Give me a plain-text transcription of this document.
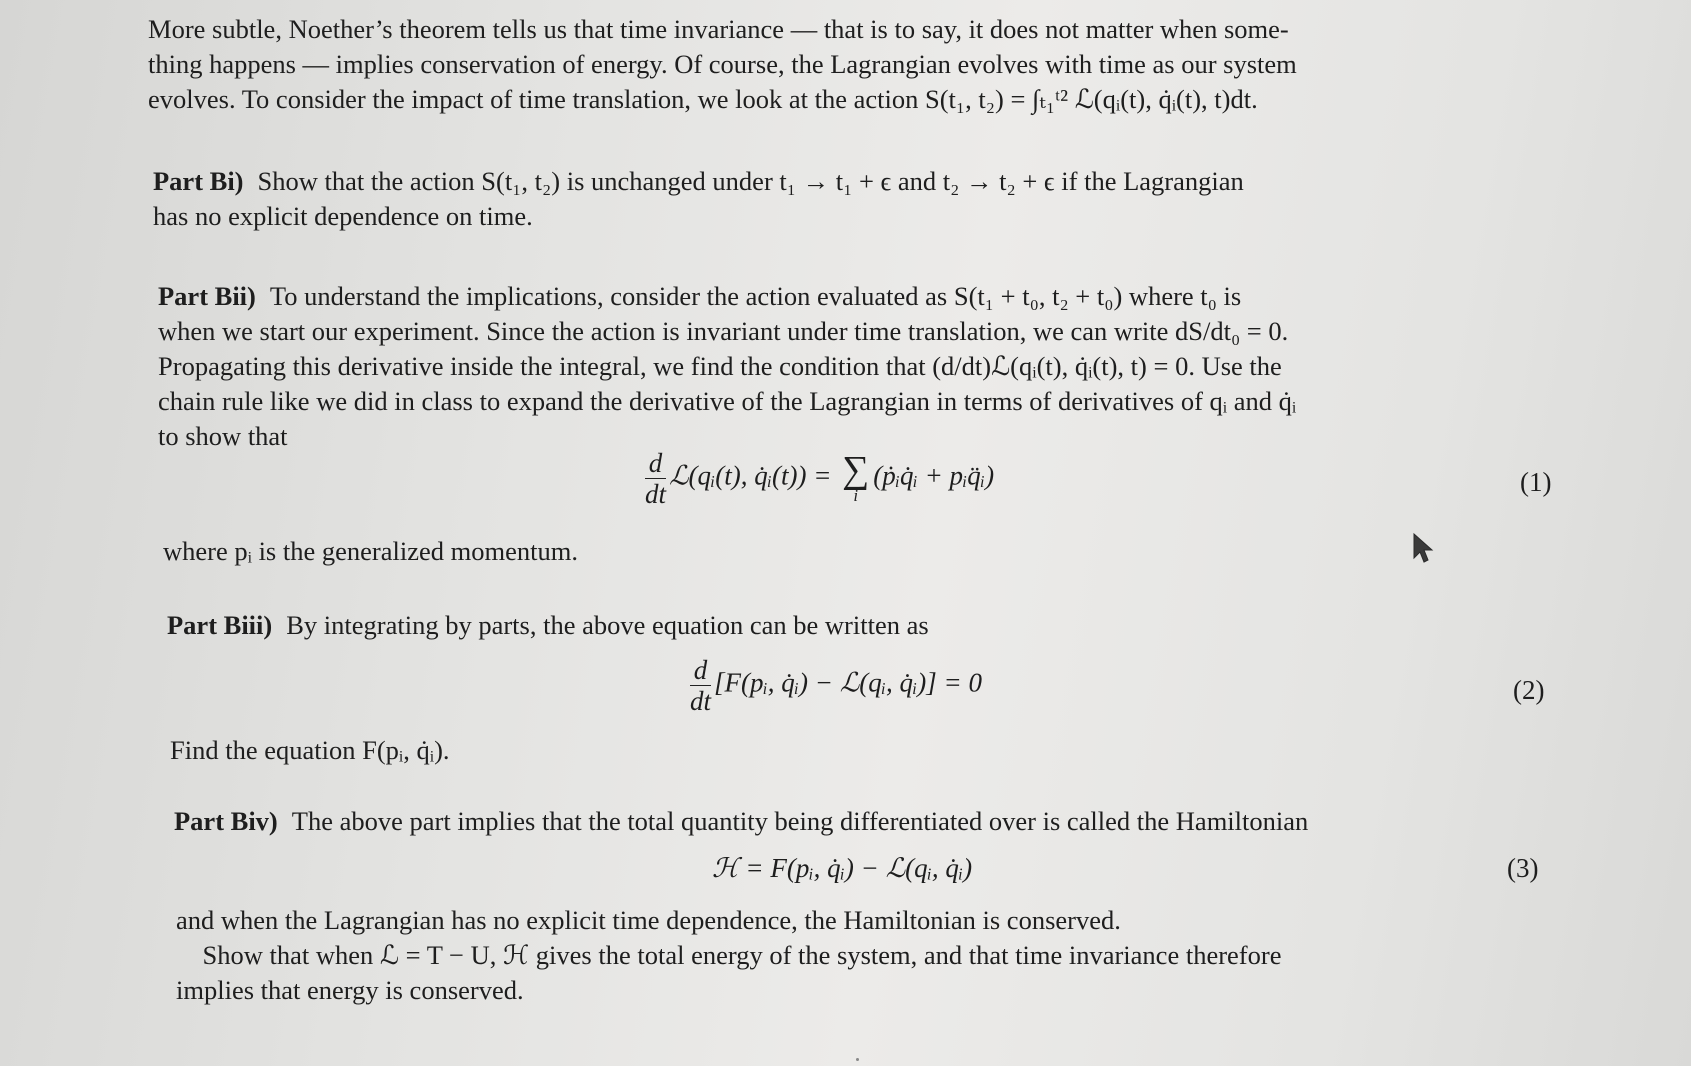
More subtle, Noether’s theorem tells us that time invariance — that is to say, it does not matter when some-
thing happens — implies conservation of energy. Of course, the Lagrangian evolves with time as our system
evolves. To consider the impact of time translation, we look at the action S(t₁, t₂) = ∫ₜ₁ᵗ² ℒ(qᵢ(t), q̇ᵢ(t), t)dt.
Part Bi) Show that the action S(t₁, t₂) is unchanged under t₁ → t₁ + ϵ and t₂ → t₂ + ϵ if the Lagrangian
has no explicit dependence on time.
Part Bii) To understand the implications, consider the action evaluated as S(t₁ + t₀, t₂ + t₀) where t₀ is
when we start our experiment. Since the action is invariant under time translation, we can write dS/dt₀ = 0.
Propagating this derivative inside the integral, we find the condition that (d/dt)ℒ(qᵢ(t), q̇ᵢ(t), t) = 0. Use the
chain rule like we did in class to expand the derivative of the Lagrangian in terms of derivatives of qᵢ and q̇ᵢ
to show that
$\frac{d}{dt}$ ℒ(qᵢ(t), q̇ᵢ(t)) = ∑
i
(ṗᵢq̇ᵢ + pᵢq̈ᵢ)	(1)
where pᵢ is the generalized momentum.
Part Biii) By integrating by parts, the above equation can be written as
$\frac{d}{dt}$ [F(pᵢ, q̇ᵢ) − ℒ(qᵢ, q̇ᵢ)] = 0	(2)
Find the equation F(pᵢ, q̇ᵢ).
Part Biv) The above part implies that the total quantity being differentiated over is called the Hamiltonian
ℋ = F(pᵢ, q̇ᵢ) − ℒ(qᵢ, q̇ᵢ)	(3)
and when the Lagrangian has no explicit time dependence, the Hamiltonian is conserved.
Show that when ℒ = T − U, ℋ gives the total energy of the system, and that time invariance therefore
implies that energy is conserved.
